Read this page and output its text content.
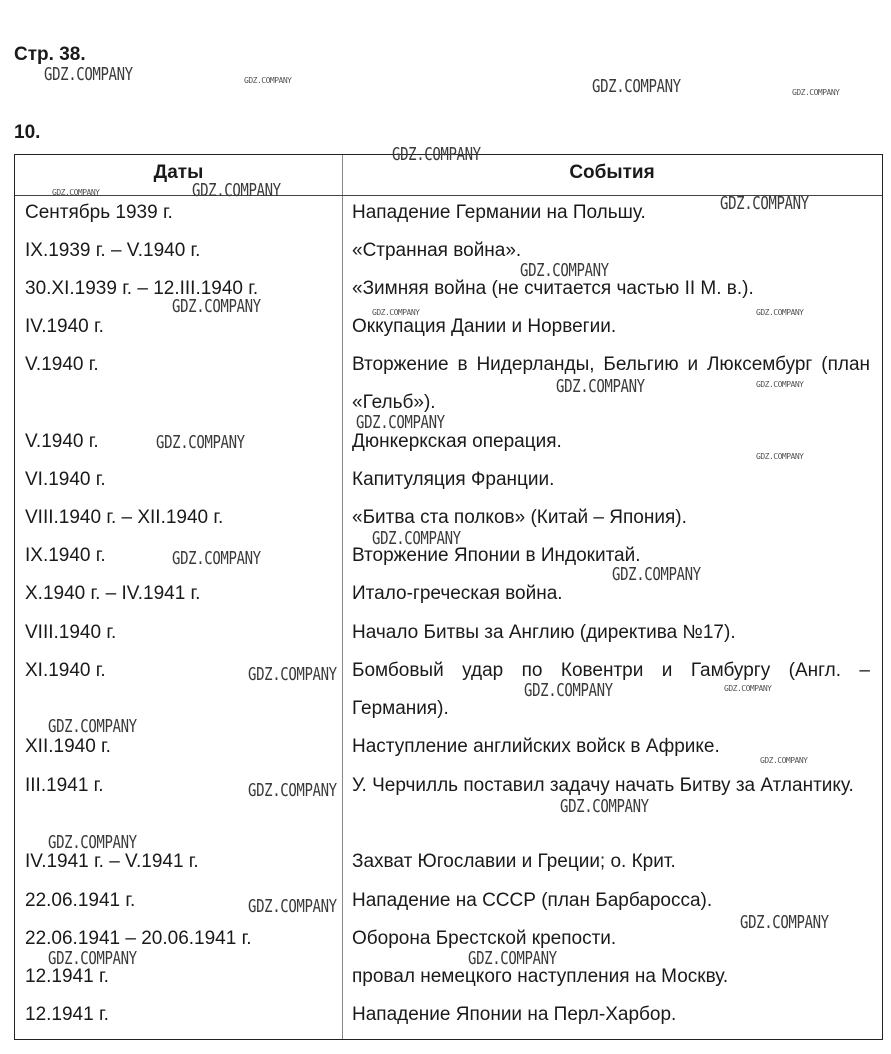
Стр. 38.
10.
Даты	События
Сентябрь 1939 г.	Нападение Германии на Польшу.
IX.1939 г. – V.1940 г.	«Странная война».
30.XI.1939 г. – 12.III.1940 г.	«Зимняя война (не считается частью II М. в.).
IV.1940 г.	Оккупация Дании и Норвегии.
V.1940 г.	Вторжение в Нидерланды, Бельгию и Люксембург (план «Гельб»).
V.1940 г.	Дюнкеркская операция.
VI.1940 г.	Капитуляция Франции.
VIII.1940 г. – XII.1940 г.	«Битва ста полков» (Китай – Япония).
IX.1940 г.	Вторжение Японии в Индокитай.
X.1940 г. – IV.1941 г.	Итало-греческая война.
VIII.1940 г.	Начало Битвы за Англию (директива №17).
XI.1940 г.	Бомбовый удар по Ковентри и Гамбургу (Англ. – Германия).
XII.1940 г.	Наступление английских войск в Африке.
III.1941 г.	У. Черчилль поставил задачу начать Битву за Атлантику.
IV.1941 г. – V.1941 г.	Захват Югославии и Греции; о. Крит.
22.06.1941 г.	Нападение на СССР (план Барбаросса).
22.06.1941 – 20.06.1941 г.	Оборона Брестской крепости.
12.1941 г.	провал немецкого наступления на Москву.
12.1941 г.	Нападение Японии на Перл-Харбор.
GDZ.COMPANY	GDZ.COMPANY	GDZ.COMPANY	GDZ.COMPANY
GDZ.COMPANY
GDZ.COMPANY	GDZ.COMPANY
GDZ.COMPANY
GDZ.COMPANY
GDZ.COMPANY
GDZ.COMPANY	GDZ.COMPANY
GDZ.COMPANY	GDZ.COMPANY
GDZ.COMPANY
GDZ.COMPANY
GDZ.COMPANY
GDZ.COMPANY
GDZ.COMPANY
GDZ.COMPANY
GDZ.COMPANY
GDZ.COMPANY	GDZ.COMPANY
GDZ.COMPANY
GDZ.COMPANY
GDZ.COMPANY
GDZ.COMPANY
GDZ.COMPANY
GDZ.COMPANY
GDZ.COMPANY
GDZ.COMPANY	GDZ.COMPANY
